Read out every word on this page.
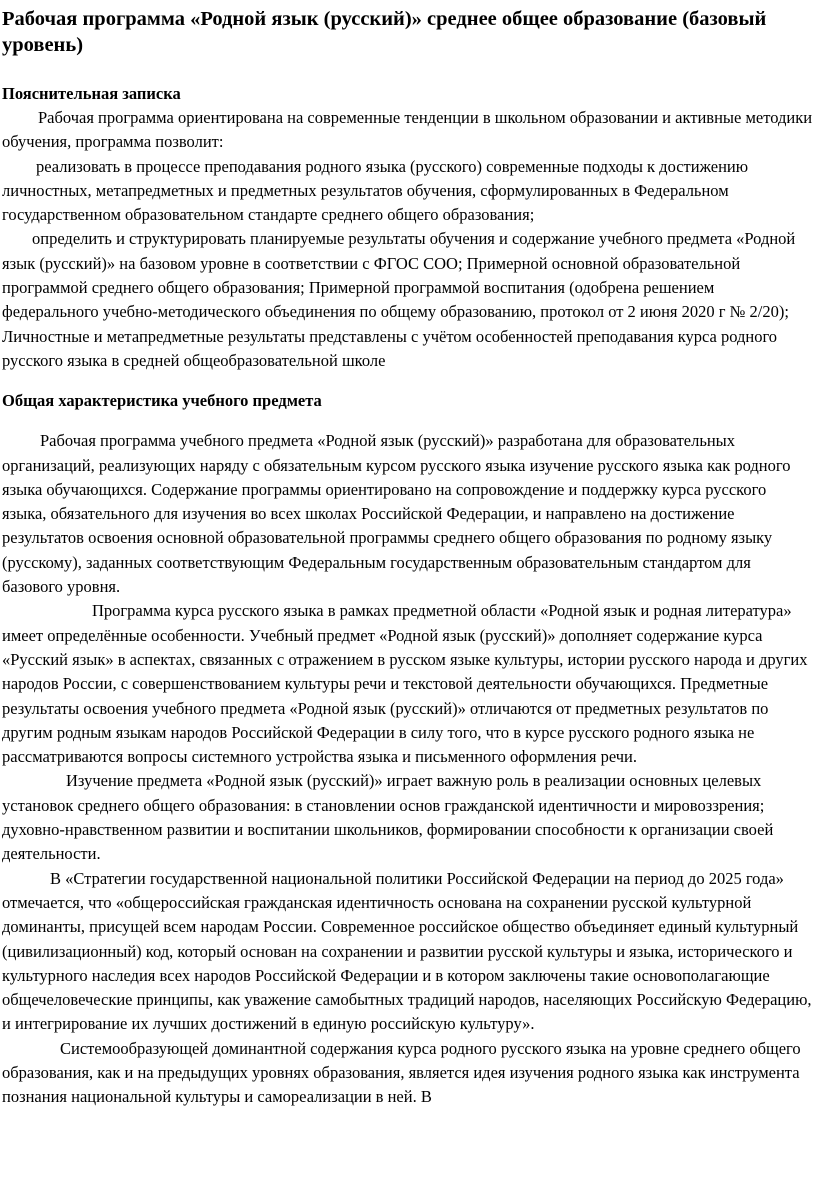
Рабочая программа «Родной язык (русский)» среднее общее образование (базовый уровень)
Пояснительная записка

Рабочая программа ориентирована на современные тенденции в школьном образовании и активные методики обучения, программа позволит:

реализовать в процессе преподавания родного языка (русского) современные подходы к достижению личностных, метапредметных и предметных результатов обучения, сформулированных в Федеральном государственном образовательном стандарте среднего общего образования;

определить и структурировать планируемые результаты обучения и содержание учебного предмета «Родной язык (русский)» на базовом уровне в соответствии с ФГОС СОО; Примерной основной образовательной программой среднего общего образования; Примерной программой воспитания (одобрена решением федерального учебно-методического объединения по общему образованию, протокол от 2 июня 2020 г № 2/20);

Личностные и метапредметные результаты представлены с учётом особенностей преподавания курса родного русского языка в средней общеобразовательной школе

Общая характеристика учебного предмета

Рабочая программа учебного предмета «Родной язык (русский)» разработана для образовательных организаций, реализующих наряду с обязательным курсом русского языка изучение русского языка как родного языка обучающихся. Содержание программы ориентировано на сопровождение и поддержку курса русского языка, обязательного для изучения во всех школах Российской Федерации, и направлено на достижение результатов освоения основной образовательной программы среднего общего образования по родному языку (русскому), заданных соответствующим Федеральным государственным образовательным стандартом для базового уровня.

Программа курса русского языка в рамках предметной области «Родной язык и родная литература» имеет определённые особенности. Учебный предмет «Родной язык (русский)» дополняет содержание курса «Русский язык» в аспектах, связанных с отражением в русском языке культуры, истории русского народа и других народов России, с совершенствованием культуры речи и текстовой деятельности обучающихся. Предметные результаты освоения учебного предмета «Родной язык (русский)» отличаются от предметных результатов по другим родным языкам народов Российской Федерации в силу того, что в курсе русского родного языка не рассматриваются вопросы системного устройства языка и письменного оформления речи.

Изучение предмета «Родной язык (русский)» играет важную роль в реализации основных целевых установок среднего общего образования: в становлении основ гражданской идентичности и мировоззрения; духовно-нравственном развитии и воспитании школьников, формировании способности к организации своей деятельности.

В «Стратегии государственной национальной политики Российской Федерации на период до 2025 года» отмечается, что «общероссийская гражданская идентичность основана на сохранении русской культурной доминанты, присущей всем народам России. Современное российское общество объединяет единый культурный (цивилизационный) код, который основан на сохранении и развитии русской культуры и языка, исторического и культурного наследия всех народов Российской Федерации и в котором заключены такие основополагающие общечеловеческие принципы, как уважение самобытных традиций народов, населяющих Российскую Федерацию, и интегрирование их лучших достижений в единую российскую культуру».

Системообразующей доминантной содержания курса родного русского языка на уровне среднего общего образования, как и на предыдущих уровнях образования, является идея изучения родного языка как инструмента познания национальной культуры и самореализации в ней. В
